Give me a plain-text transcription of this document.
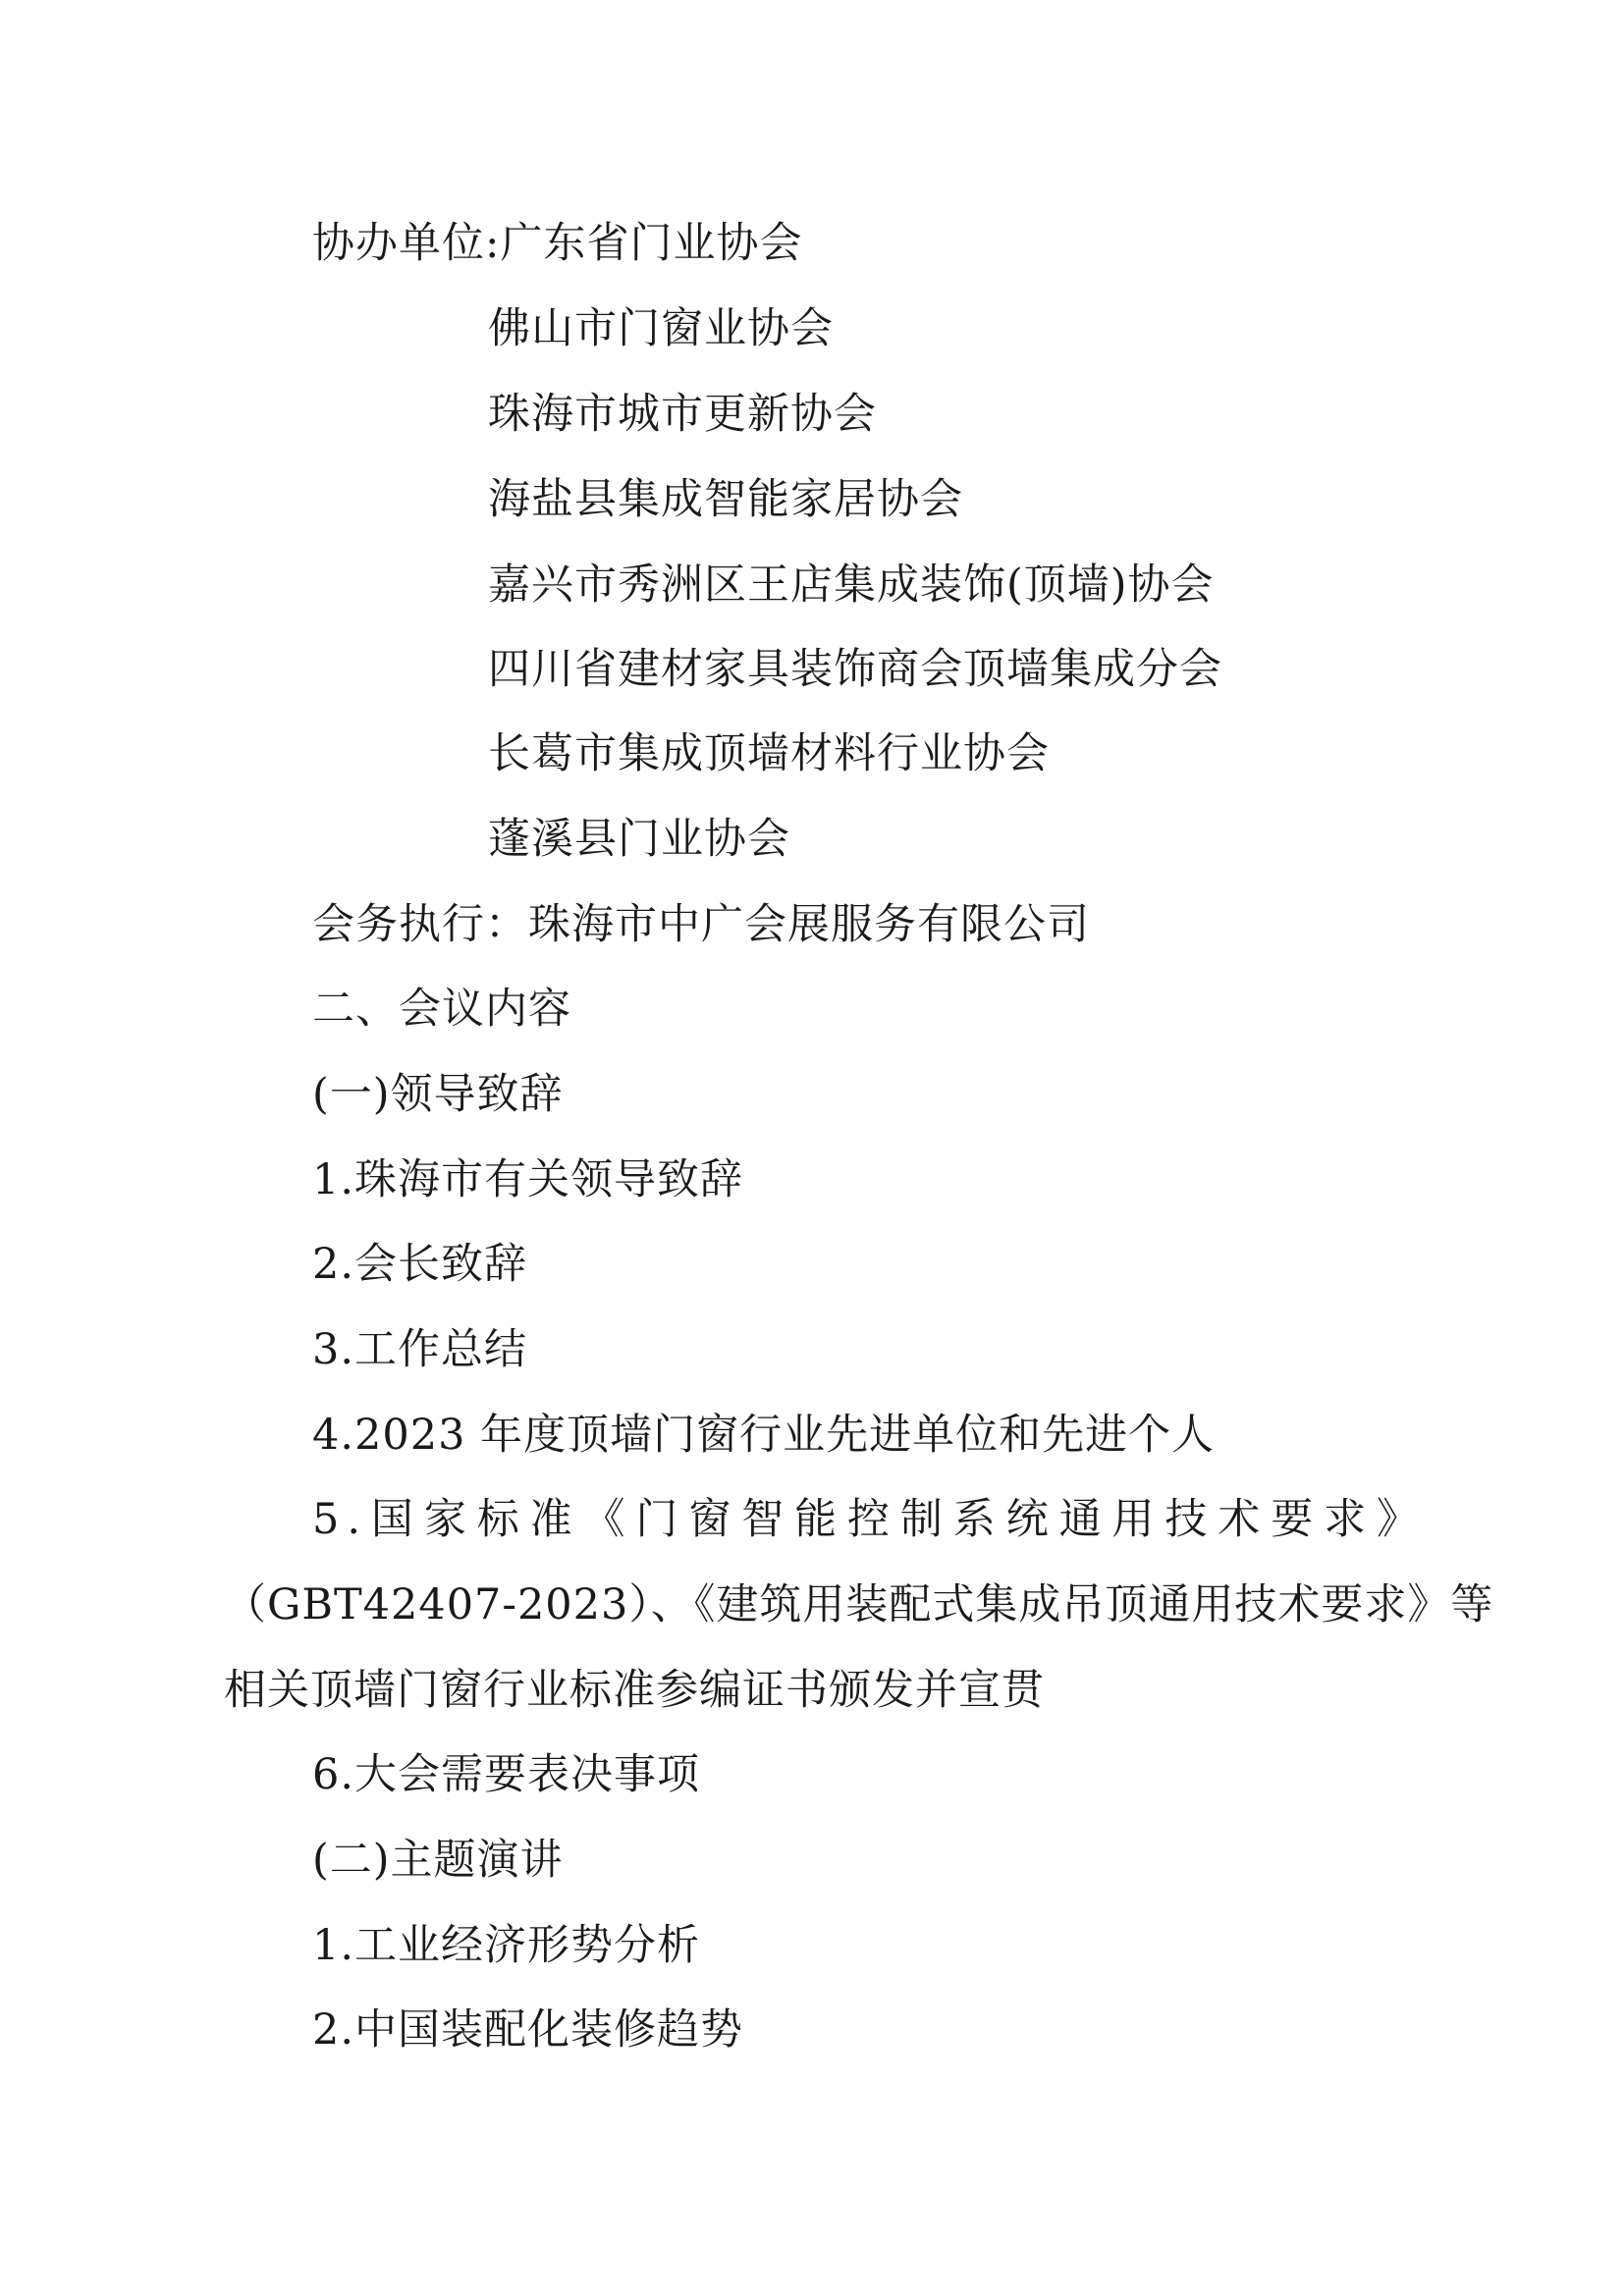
协办单位:广东省门业协会
佛山市门窗业协会
珠海市城市更新协会
海盐县集成智能家居协会
嘉兴市秀洲区王店集成装饰(顶墙)协会
四川省建材家具装饰商会顶墙集成分会
长葛市集成顶墙材料行业协会
蓬溪县门业协会
会务执行：珠海市中广会展服务有限公司
二、会议内容
(一)领导致辞
1.珠海市有关领导致辞
2.会长致辞
3.工作总结
4.2023 年度顶墙门窗行业先进单位和先进个人
5.国家标准《门窗智能控制系统通用技术要求》
（GBT42407-2023）、《建筑用装配式集成吊顶通用技术要求》等
相关顶墙门窗行业标准参编证书颁发并宣贯
6.大会需要表决事项
(二)主题演讲
1.工业经济形势分析
2.中国装配化装修趋势
